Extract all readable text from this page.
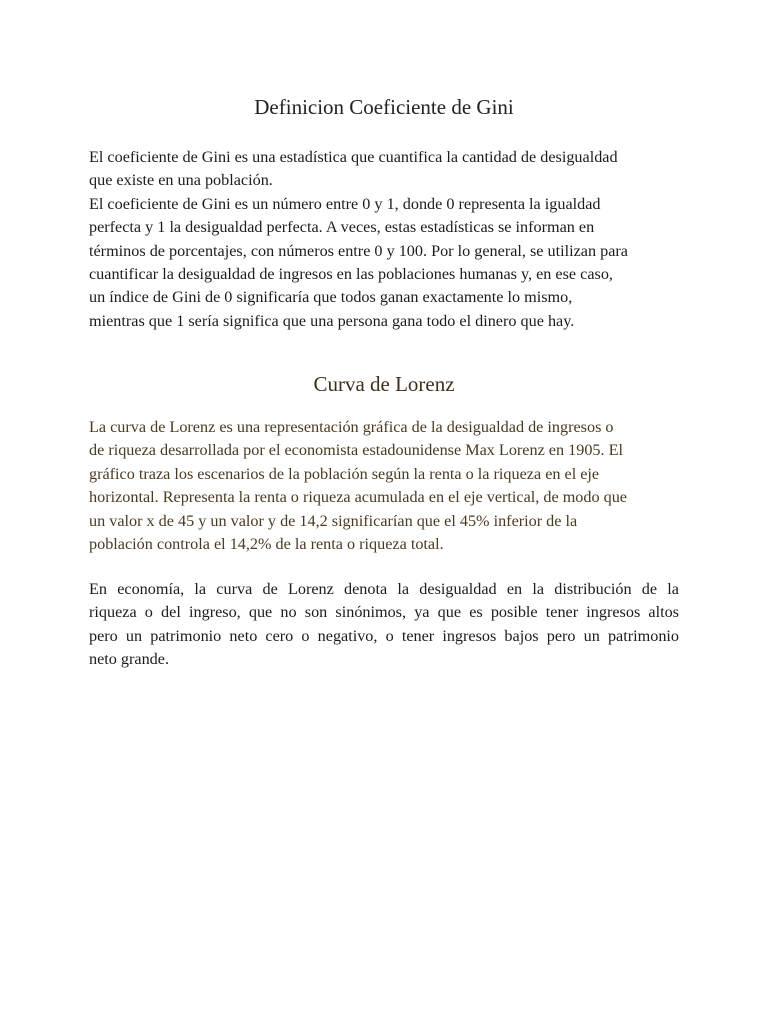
Definicion Coeficiente de Gini

El coeficiente de Gini es una estadística que cuantifica la cantidad de desigualdad
que existe en una población.
El coeficiente de Gini es un número entre 0 y 1, donde 0 representa la igualdad
perfecta y 1 la desigualdad perfecta. A veces, estas estadísticas se informan en
términos de porcentajes, con números entre 0 y 100. Por lo general, se utilizan para
cuantificar la desigualdad de ingresos en las poblaciones humanas y, en ese caso,
un índice de Gini de 0 significaría que todos ganan exactamente lo mismo,
mientras que 1 sería significa que una persona gana todo el dinero que hay.

Curva de Lorenz

La curva de Lorenz es una representación gráfica de la desigualdad de ingresos o
de riqueza desarrollada por el economista estadounidense Max Lorenz en 1905. El
gráfico traza los escenarios de la población según la renta o la riqueza en el eje
horizontal. Representa la renta o riqueza acumulada en el eje vertical, de modo que
un valor x de 45 y un valor y de 14,2 significarían que el 45% inferior de la
población controla el 14,2% de la renta o riqueza total.

En economía, la curva de Lorenz denota la desigualdad en la distribución de la
riqueza o del ingreso, que no son sinónimos, ya que es posible tener ingresos altos
pero un patrimonio neto cero o negativo, o tener ingresos bajos pero un patrimonio
neto grande.
